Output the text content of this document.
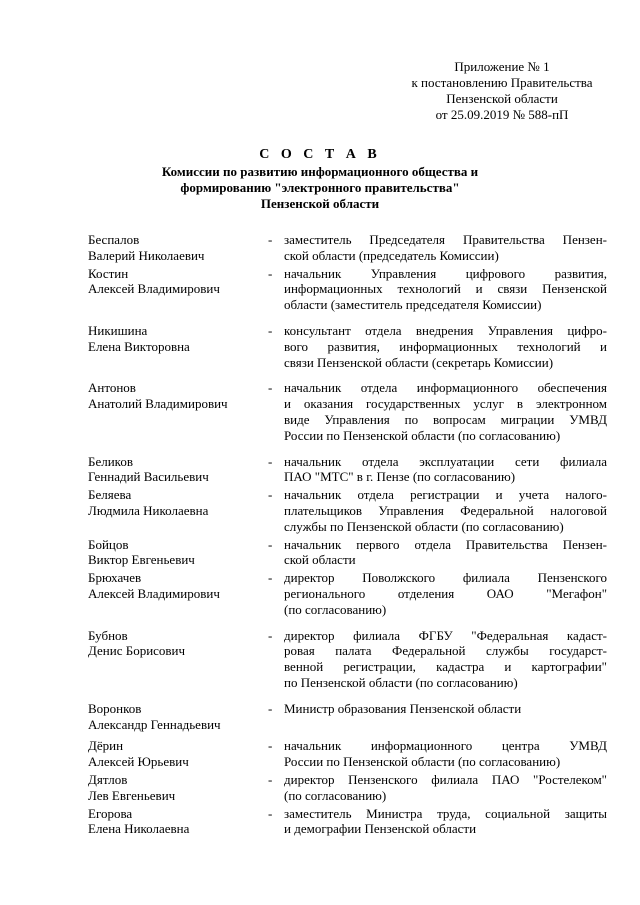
Приложение № 1
к постановлению Правительства
Пензенской области
от 25.09.2019 № 588-пП
С О С Т А В
Комиссии по развитию информационного общества и
формированию "электронного правительства"
Пензенской области
Беспалов
Валерий Николаевич
- заместитель Председателя Правительства Пензен-
ской области (председатель Комиссии)
Костин
Алексей Владимирович
- начальник Управления цифрового развития,
информационных технологий и связи Пензенской
области (заместитель председателя Комиссии)
Никишина
Елена Викторовна
- консультант отдела внедрения Управления цифро-
вого развития, информационных технологий и
связи Пензенской области (секретарь Комиссии)
Антонов
Анатолий Владимирович
- начальник отдела информационного обеспечения
и оказания государственных услуг в электронном
виде Управления по вопросам миграции УМВД
России по Пензенской области (по согласованию)
Беликов
Геннадий Васильевич
- начальник отдела эксплуатации сети филиала
ПАО "МТС" в г. Пензе (по согласованию)
Беляева
Людмила Николаевна
- начальник отдела регистрации и учета налого-
плательщиков Управления Федеральной налоговой
службы по Пензенской области (по согласованию)
Бойцов
Виктор Евгеньевич
- начальник первого отдела Правительства Пензен-
ской области
Брюхачев
Алексей Владимирович
- директор Поволжского филиала Пензенского
регионального отделения ОАО "Мегафон"
(по согласованию)
Бубнов
Денис Борисович
- директор филиала ФГБУ "Федеральная кадаст-
ровая палата Федеральной службы государст-
венной регистрации, кадастра и картографии"
по Пензенской области (по согласованию)
Воронков
Александр Геннадьевич
- Министр образования Пензенской области
Дёрин
Алексей Юрьевич
- начальник информационного центра УМВД
России по Пензенской области (по согласованию)
Дятлов
Лев Евгеньевич
- директор Пензенского филиала ПАО "Ростелеком"
(по согласованию)
Егорова
Елена Николаевна
- заместитель Министра труда, социальной защиты
и демографии Пензенской области
